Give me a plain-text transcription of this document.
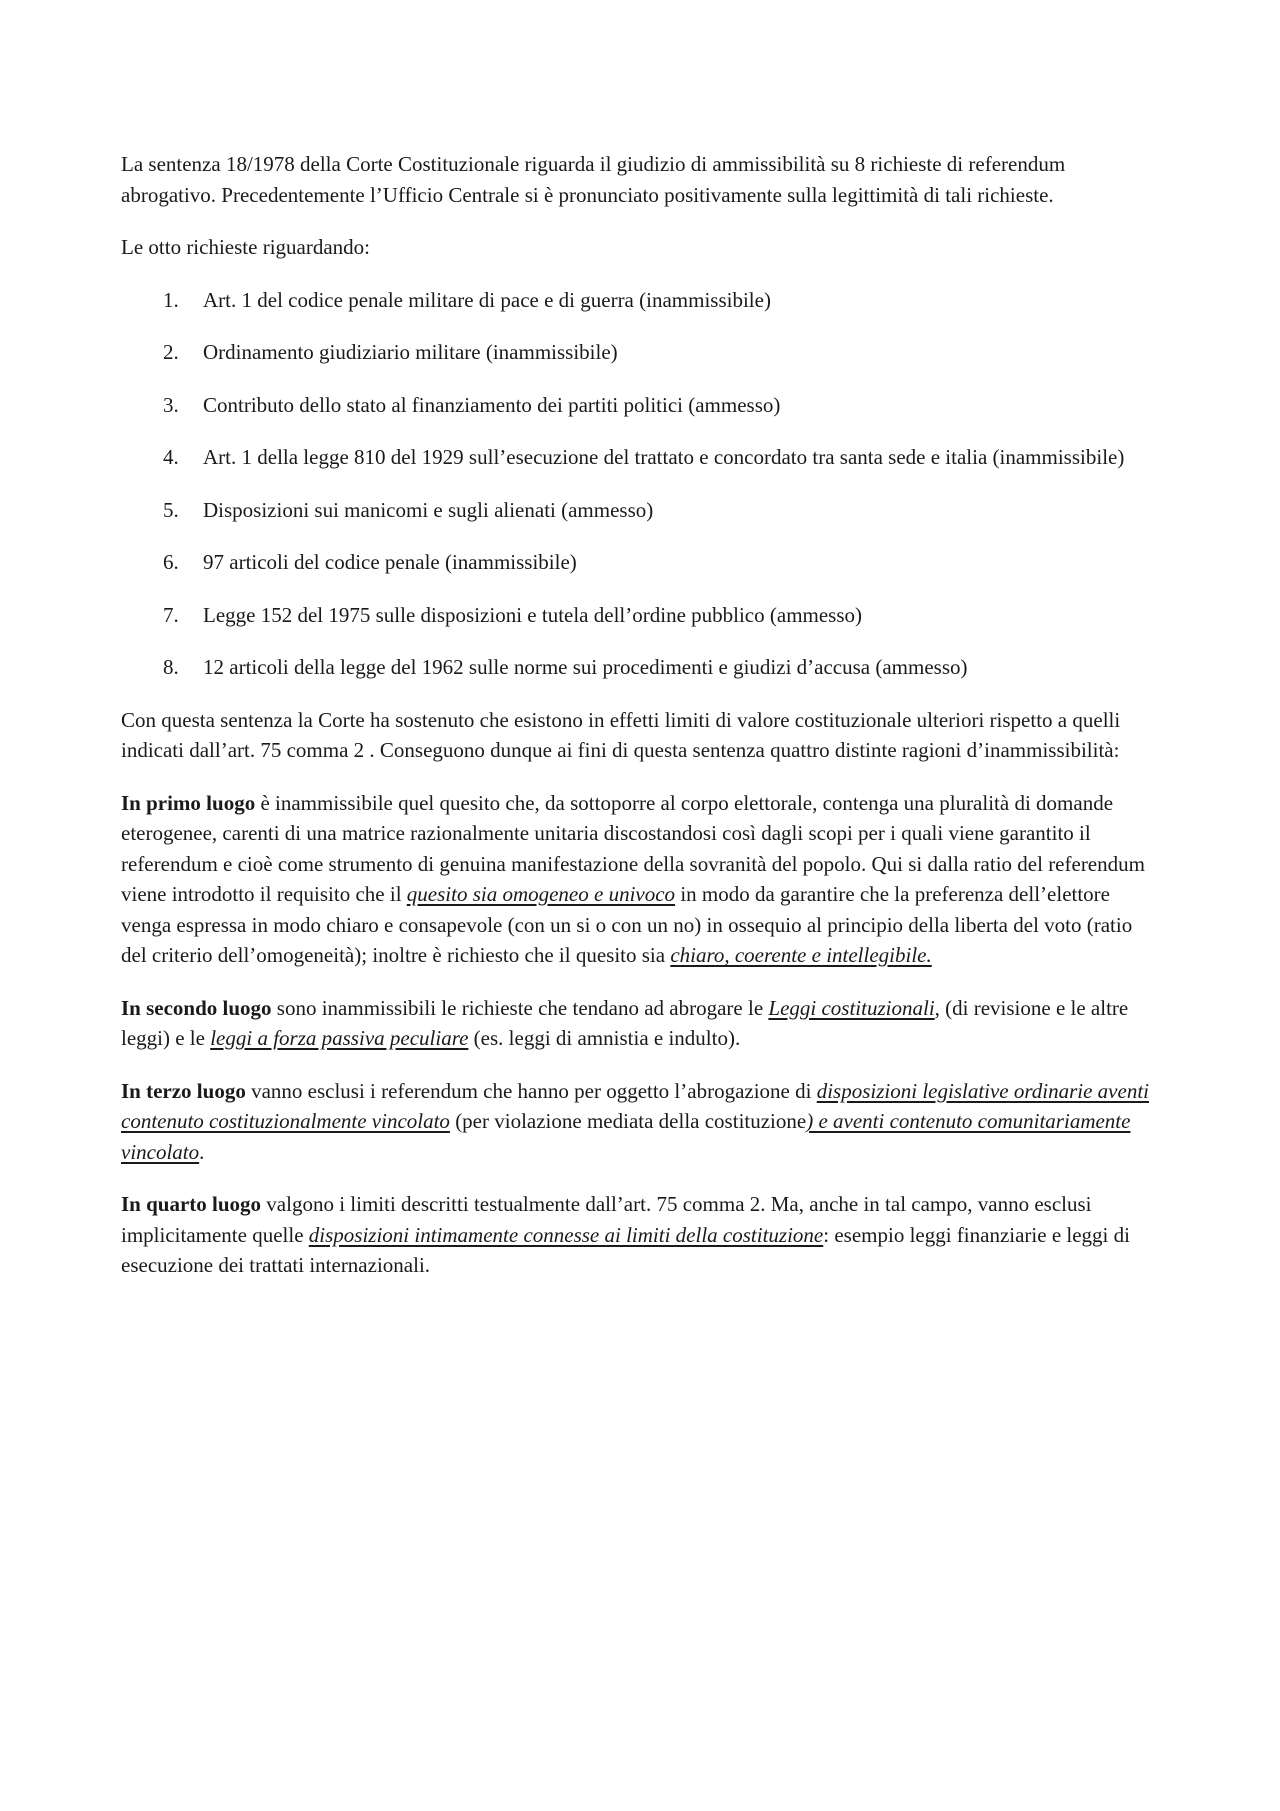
La sentenza 18/1978 della Corte Costituzionale riguarda il giudizio di ammissibilità su 8 richieste di referendum abrogativo. Precedentemente l’Ufficio Centrale si è pronunciato positivamente sulla legittimità di tali richieste.

Le otto richieste riguardando:

1.	Art. 1 del codice penale militare di pace e di guerra (inammissibile)
2.	Ordinamento giudiziario militare (inammissibile)
3.	Contributo dello stato al finanziamento dei partiti politici (ammesso)
4.	Art. 1 della legge 810 del 1929 sull’esecuzione del trattato e concordato tra santa sede e italia (inammissibile)
5.	Disposizioni sui manicomi e sugli alienati (ammesso)
6.	97 articoli del codice penale (inammissibile)
7.	Legge 152 del 1975 sulle disposizioni e tutela dell’ordine pubblico (ammesso)
8.	12 articoli della legge del 1962 sulle norme sui procedimenti e giudizi d’accusa (ammesso)

Con questa sentenza la Corte ha sostenuto che esistono in effetti limiti di valore costituzionale ulteriori rispetto a quelli indicati dall’art. 75 comma 2 . Conseguono dunque ai fini di questa sentenza quattro distinte ragioni d’inammissibilità:

In primo luogo è inammissibile quel quesito che, da sottoporre al corpo elettorale, contenga una pluralità di domande eterogenee, carenti di una matrice razionalmente unitaria discostandosi così dagli scopi per i quali viene garantito il referendum e cioè come strumento di genuina manifestazione della sovranità del popolo. Qui si dalla ratio del referendum viene introdotto il requisito che il quesito sia omogeneo e univoco in modo da garantire che la preferenza dell’elettore venga espressa in modo chiaro e consapevole (con un si o con un no) in ossequio al principio della liberta del voto (ratio del criterio dell’omogeneità); inoltre è richiesto che il quesito sia chiaro, coerente e intellegibile.

In secondo luogo sono inammissibili le richieste che tendano ad abrogare le Leggi costituzionali, (di revisione e le altre leggi) e le leggi a forza passiva peculiare (es. leggi di amnistia e indulto).

In terzo luogo vanno esclusi i referendum che hanno per oggetto l’abrogazione di disposizioni legislative ordinarie aventi contenuto costituzionalmente vincolato (per violazione mediata della costituzione) e aventi contenuto comunitariamente vincolato.

In quarto luogo valgono i limiti descritti testualmente dall’art. 75 comma 2. Ma, anche in tal campo, vanno esclusi implicitamente quelle disposizioni intimamente connesse ai limiti della costituzione: esempio leggi finanziarie e leggi di esecuzione dei trattati internazionali.
